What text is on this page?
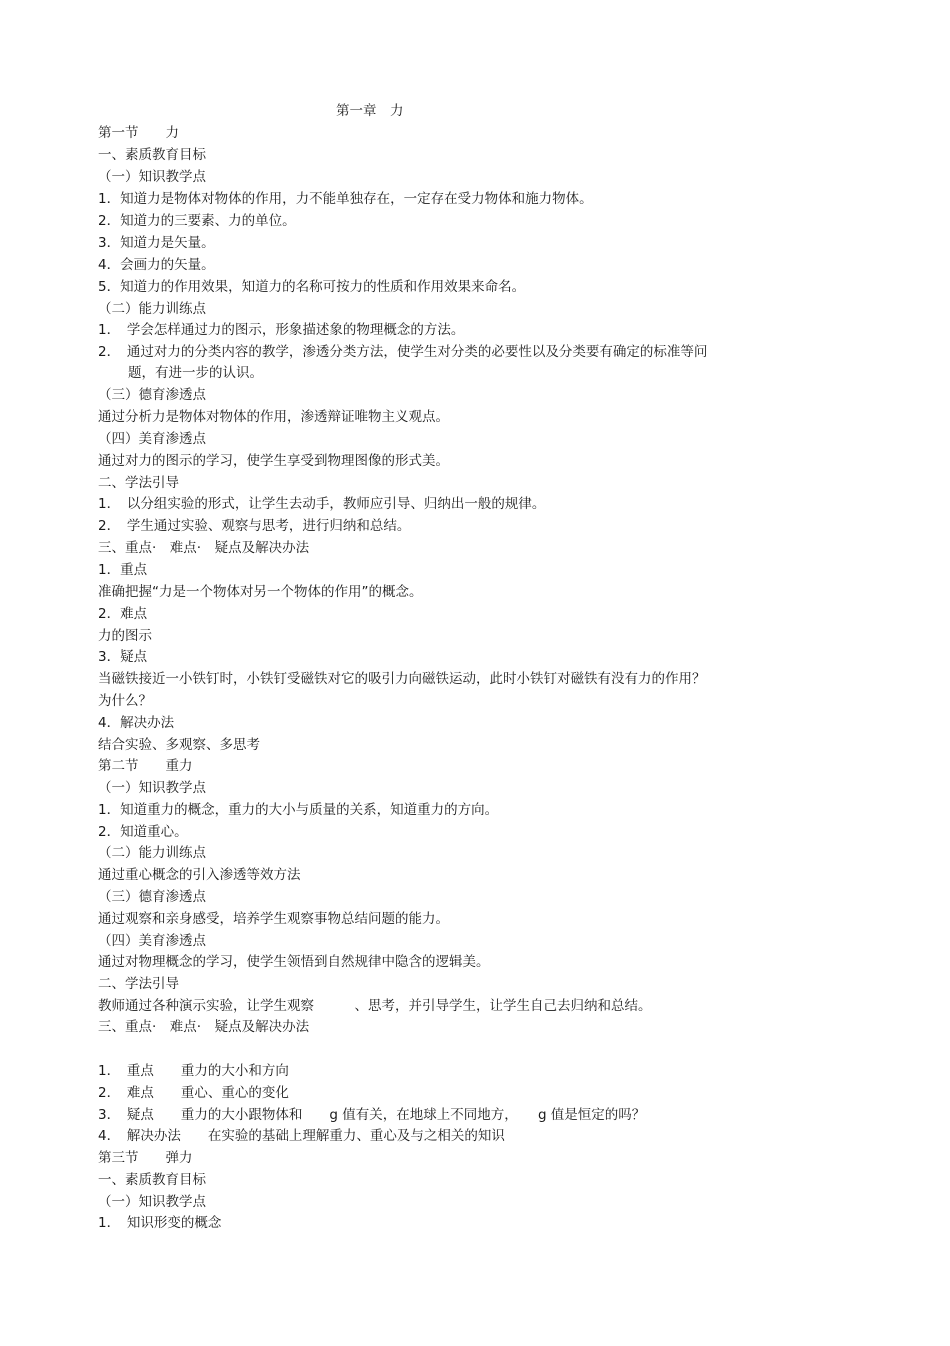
第一章　力
第一节　　力
一、素质教育目标
（一）知识教学点
1．知道力是物体对物体的作用，力不能单独存在，一定存在受力物体和施力物体。
2．知道力的三要素、力的单位。
3．知道力是矢量。
4．会画力的矢量。
5．知道力的作用效果，知道力的名称可按力的性质和作用效果来命名。
（二）能力训练点
1．　学会怎样通过力的图示，形象描述象的物理概念的方法。
2．　通过对力的分类内容的教学，渗透分类方法，使学生对分类的必要性以及分类要有确定的标准等问
题，有进一步的认识。
（三）德育渗透点
通过分析力是物体对物体的作用，渗透辩证唯物主义观点。
（四）美育渗透点
通过对力的图示的学习，使学生享受到物理图像的形式美。
二、学法引导
1．　以分组实验的形式，让学生去动手，教师应引导、归纳出一般的规律。
2．　学生通过实验、观察与思考，进行归纳和总结。
三、重点·　难点·　疑点及解决办法
1．重点
准确把握“力是一个物体对另一个物体的作用”的概念。
2．难点
力的图示
3．疑点
当磁铁接近一小铁钉时，小铁钉受磁铁对它的吸引力向磁铁运动，此时小铁钉对磁铁有没有力的作用？
为什么？
4．解决办法
结合实验、多观察、多思考
第二节　　重力
（一）知识教学点
1．知道重力的概念，重力的大小与质量的关系，知道重力的方向。
2．知道重心。
（二）能力训练点
通过重心概念的引入渗透等效方法
（三）德育渗透点
通过观察和亲身感受，培养学生观察事物总结问题的能力。
（四）美育渗透点
通过对物理概念的学习，使学生领悟到自然规律中隐含的逻辑美。
二、学法引导
教师通过各种演示实验，让学生观察　　　、思考，并引导学生，让学生自己去归纳和总结。
三、重点·　难点·　疑点及解决办法
1．　重点　　重力的大小和方向
2．　难点　　重心、重心的变化
3．　疑点　　重力的大小跟物体和　　g 值有关，在地球上不同地方，　　g 值是恒定的吗？
4．　解决办法　　在实验的基础上理解重力、重心及与之相关的知识
第三节　　弹力
一、素质教育目标
（一）知识教学点
1．　知识形变的概念
